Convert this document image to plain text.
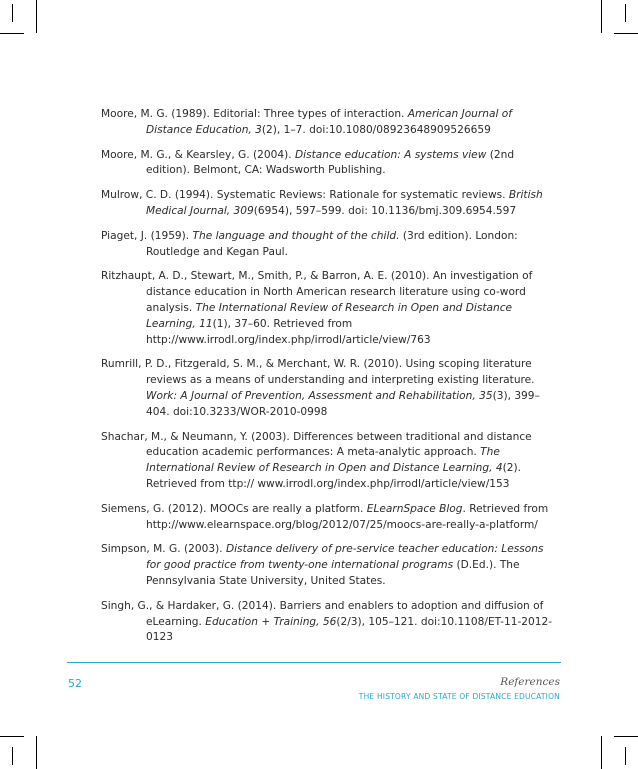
Moore, M. G. (1989). Editorial: Three types of interaction. American Journal of Distance Education, 3(2), 1–7. doi:10.1080/08923648909526659

Moore, M. G., & Kearsley, G. (2004). Distance education: A systems view (2nd edition). Belmont, CA: Wadsworth Publishing.

Mulrow, C. D. (1994). Systematic Reviews: Rationale for systematic reviews. British Medical Journal, 309(6954), 597–599. doi: 10.1136/bmj.309.6954.597

Piaget, J. (1959). The language and thought of the child. (3rd edition). London: Routledge and Kegan Paul.

Ritzhaupt, A. D., Stewart, M., Smith, P., & Barron, A. E. (2010). An investigation of distance education in North American research literature using co-word analysis. The International Review of Research in Open and Distance Learning, 11(1), 37–60. Retrieved from http://www.irrodl.org/index.php/irrodl/article/view/763

Rumrill, P. D., Fitzgerald, S. M., & Merchant, W. R. (2010). Using scoping literature reviews as a means of understanding and interpreting existing literature. Work: A Journal of Prevention, Assessment and Rehabilitation, 35(3), 399–404. doi:10.3233/WOR-2010-0998

Shachar, M., & Neumann, Y. (2003). Differences between traditional and distance education academic performances: A meta-analytic approach. The International Review of Research in Open and Distance Learning, 4(2). Retrieved from ttp:// www.irrodl.org/index.php/irrodl/article/view/153

Siemens, G. (2012). MOOCs are really a platform. ELearnSpace Blog. Retrieved from http://www.elearnspace.org/blog/2012/07/25/moocs-are-really-a-platform/

Simpson, M. G. (2003). Distance delivery of pre-service teacher education: Lessons for good practice from twenty-one international programs (D.Ed.). The Pennsylvania State University, United States.

Singh, G., & Hardaker, G. (2014). Barriers and enablers to adoption and diffusion of eLearning. Education + Training, 56(2/3), 105–121. doi:10.1108/ET-11-2012-0123

52	References
THE HISTORY AND STATE OF DISTANCE EDUCATION
